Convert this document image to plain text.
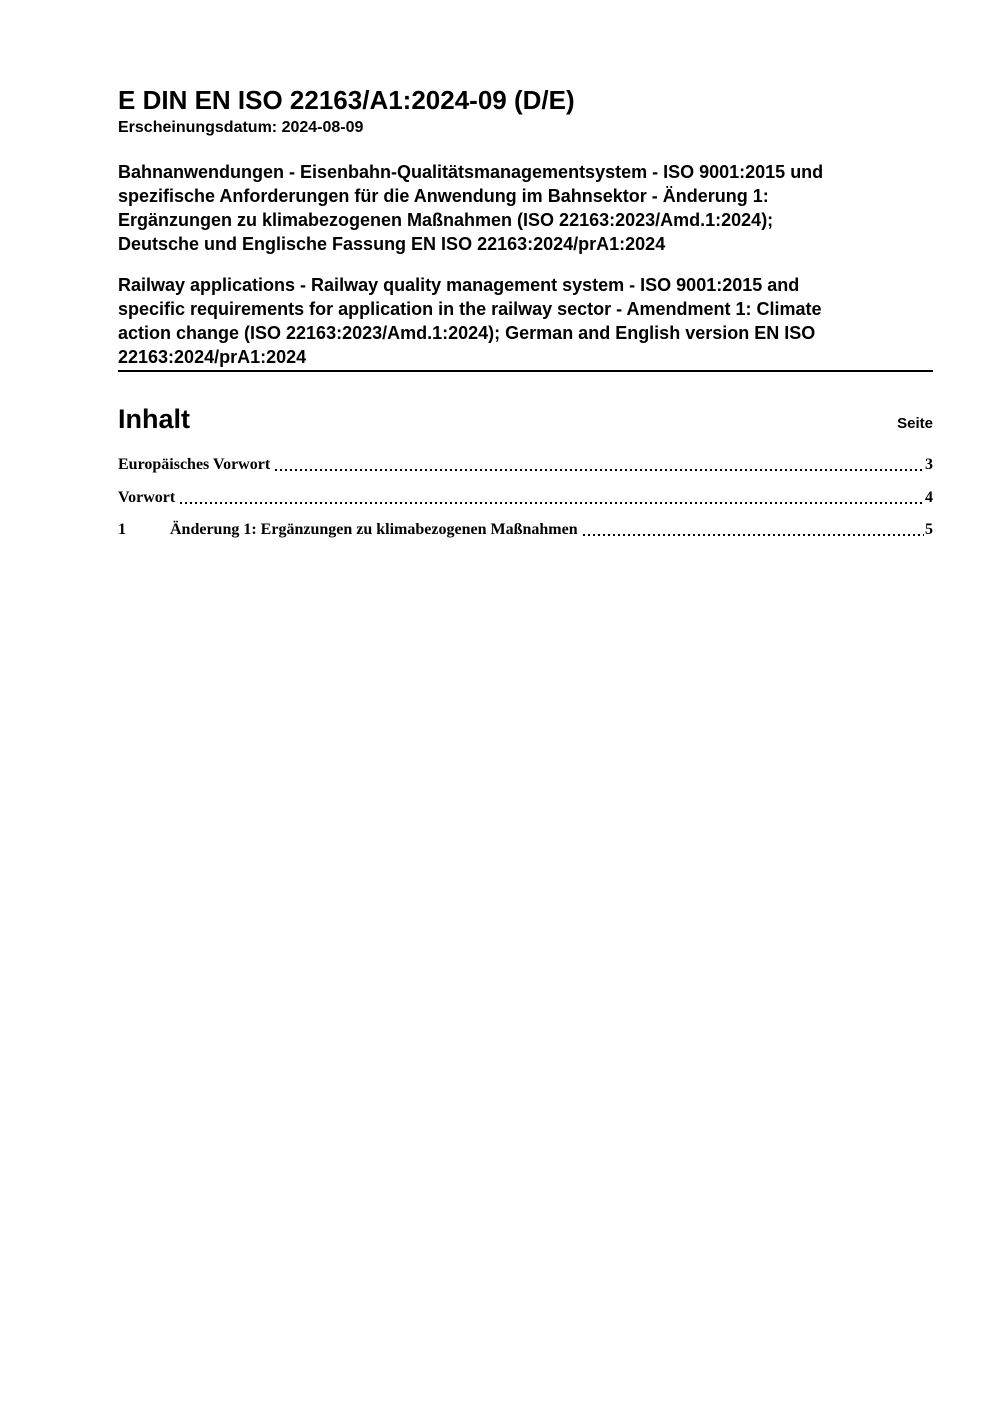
E DIN EN ISO 22163/A1:2024-09 (D/E)
Erscheinungsdatum: 2024-08-09

Bahnanwendungen - Eisenbahn-Qualitätsmanagementsystem - ISO 9001:2015 und
spezifische Anforderungen für die Anwendung im Bahnsektor - Änderung 1:
Ergänzungen zu klimabezogenen Maßnahmen (ISO 22163:2023/Amd.1:2024);
Deutsche und Englische Fassung EN ISO 22163:2024/prA1:2024

Railway applications - Railway quality management system - ISO 9001:2015 and
specific requirements for application in the railway sector - Amendment 1: Climate
action change (ISO 22163:2023/Amd.1:2024); German and English version EN ISO
22163:2024/prA1:2024

Inhalt	Seite
Europäisches Vorwort	3
Vorwort	4
1	Änderung 1: Ergänzungen zu klimabezogenen Maßnahmen	5
